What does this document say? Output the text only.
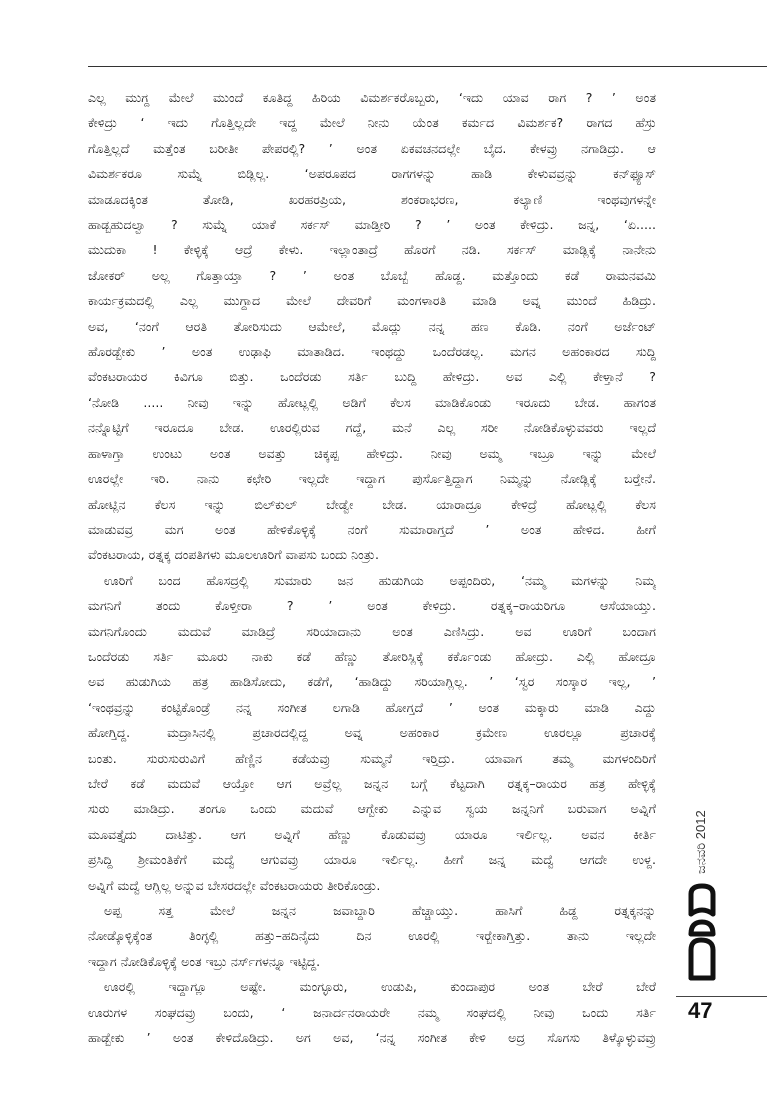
ಎಲ್ಲ ಮುಗ್ದ ಮೇಲೆ ಮುಂದೆ ಕೂತಿದ್ದ ಹಿರಿಯ ವಿಮರ್ಶಕರೊಬ್ಬರು, ‘ಇದು ಯಾವ ರಾಗ ? ’ ಅಂತ
ಕೇಳಿದ್ರು ‘ ಇದು ಗೊತ್ತಿಲ್ಲದೇ ಇದ್ದ ಮೇಲೆ ನೀನು ಯೆಂತ ಕರ್ಮದ ವಿಮರ್ಶಕ? ರಾಗದ ಹೆಸ್ರು
ಗೊತ್ತಿಲ್ಲದೆ ಮತ್ತೆಂತ ಬರೀತೀ ಪೇಪರಲ್ಲಿ? ’ ಅಂತ ಏಕವಚನದಲ್ಲೇ ಬೈದ. ಕೇಳವ್ರು ನಗಾಡಿದ್ರು. ಆ
ವಿಮರ್ಶಕರೂ ಸುಮ್ನೆ ಬಿಡ್ಲಿಲ್ಲ. ‘ಅಪರೂಪದ ರಾಗಗಳನ್ನು ಹಾಡಿ ಕೇಳುವವ್ರನ್ನು ಕನ್‌ಫ್ಯೂಸ್
ಮಾಡೂದಕ್ಕಿಂತ ತೋಡಿ, ಖರಹರಪ್ರಿಯ, ಶಂಕರಾಭರಣ, ಕಲ್ಯಾಣಿ ಇಂಥವುಗಳನ್ನೇ
ಹಾಡ್ಬಹುದಲ್ವಾ ? ಸುಮ್ನೆ ಯಾಕೆ ಸರ್ಕಸ್ ಮಾಡ್ತೀರಿ ? ’ ಅಂತ ಕೇಳಿದ್ರು. ಜನ್ನ, ‘ಏ.....
ಮುದುಕಾ ! ಕೇಳ್ಳಿಕ್ಕೆ ಆದ್ರೆ ಕೇಳು. ಇಲ್ಲಾಂತಾದ್ರೆ ಹೊರಗೆ ನಡಿ. ಸರ್ಕಸ್ ಮಾಡ್ಲಿಕ್ಕೆ ನಾನೇನು
ಜೋಕರ್ ಅಲ್ಲ ಗೊತ್ತಾಯ್ತಾ ? ’ ಅಂತ ಬೊಬ್ಬೆ ಹೊಡ್ದ. ಮತ್ತೊಂದು ಕಡೆ ರಾಮನವಮಿ
ಕಾರ್ಯಕ್ರಮದಲ್ಲಿ ಎಲ್ಲ ಮುಗ್ದಾದ ಮೇಲೆ ದೇವರಿಗೆ ಮಂಗಳಾರತಿ ಮಾಡಿ ಅವ್ನ ಮುಂದೆ ಹಿಡಿದ್ರು.
ಅವ, ‘ನಂಗೆ ಆರತಿ ತೋರಿಸುದು ಆಮೇಲೆ, ಮೊದ್ಲು ನನ್ನ ಹಣ ಕೊಡಿ. ನಂಗೆ ಅರ್ಜೆಂಟ್
ಹೊರಡ್ಬೇಕು ’ ಅಂತ ಉಢಾಫಿ ಮಾತಾಡಿದ. ಇಂಥದ್ದು ಒಂದೆರಡಲ್ಲ. ಮಗನ ಅಹಂಕಾರದ ಸುದ್ದಿ
ವೆಂಕಟರಾಯರ ಕಿವಿಗೂ ಬಿತ್ತು. ಒಂದೆರಡು ಸರ್ತಿ ಬುದ್ದಿ ಹೇಳಿದ್ರು. ಅವ ಎಲ್ಲಿ ಕೇಳ್ತಾನೆ ?
‘ನೋಡಿ ..... ನೀವು ಇನ್ನು ಹೋಟ್ಲಲ್ಲಿ ಅಡಿಗೆ ಕೆಲಸ ಮಾಡಿಕೊಂಡು ಇರೂದು ಬೇಡ. ಹಾಗಂತ
ನನ್ನೊಟ್ಟಿಗೆ ಇರೂದೂ ಬೇಡ. ಊರಲ್ಲಿರುವ ಗದ್ದೆ, ಮನೆ ಎಲ್ಲ ಸರೀ ನೋಡಿಕೊಳ್ಳುವವರು ಇಲ್ಲದೆ
ಹಾಳಾಗ್ತಾ ಉಂಟು ಅಂತ ಅವತ್ತು ಚಿಕ್ಕಪ್ಪ ಹೇಳಿದ್ರು. ನೀವು ಅಮ್ಮ ಇಬ್ರೂ ಇನ್ನು ಮೇಲೆ
ಊರಲ್ಲೇ ಇರಿ. ನಾನು ಕಛೇರಿ ಇಲ್ಲದೇ ಇದ್ದಾಗ ಪುರ್ಸೊತ್ತಿದ್ದಾಗ ನಿಮ್ಮನ್ನು ನೋಡ್ಲಿಕ್ಕೆ ಬರ್‍ತೇನೆ.
ಹೋಟ್ಲಿನ ಕೆಲಸ ಇನ್ನು ಬಿಲ್‌ಕುಲ್ ಬೇಡ್ವೇ ಬೇಡ. ಯಾರಾದ್ರೂ ಕೇಳಿದ್ರೆ ಹೋಟ್ಲಲ್ಲಿ ಕೆಲಸ
ಮಾಡುವವ್ರ ಮಗ ಅಂತ ಹೇಳಿಕೊಳ್ಳಿಕ್ಕೆ ನಂಗೆ ಸುಮಾರಾಗ್ತದೆ ’ ಅಂತ ಹೇಳಿದ. ಹೀಗೆ
ವೆಂಕಟರಾಯ, ರತ್ನಕ್ಕ ದಂಪತಿಗಳು ಮೂಲಊರಿಗೆ ವಾಪಸು ಬಂದು ನಿಂತ್ರು.
ಊರಿಗೆ ಬಂದ ಹೊಸದ್ರಲ್ಲಿ ಸುಮಾರು ಜನ ಹುಡುಗಿಯ ಅಪ್ಪಂದಿರು, ‘ನಮ್ಮ ಮಗಳನ್ನು ನಿಮ್ಮ
ಮಗನಿಗೆ ತಂದು ಕೊಳ್ತೀರಾ ? ’ ಅಂತ ಕೇಳಿದ್ರು. ರತ್ನಕ್ಕ–ರಾಯರಿಗೂ ಆಸೆಯಾಯ್ತು.
ಮಗನಿಗೊಂದು ಮದುವೆ ಮಾಡಿದ್ರೆ ಸರಿಯಾದಾನು ಅಂತ ಎಣಿಸಿದ್ರು. ಅವ ಊರಿಗೆ ಬಂದಾಗ
ಒಂದೆರಡು ಸರ್ತಿ ಮೂರು ನಾಕು ಕಡೆ ಹೆಣ್ಣು ತೋರಿಸ್ಲಿಕ್ಕೆ ಕರ್ಕೊಂಡು ಹೋದ್ರು. ಎಲ್ಲಿ ಹೋದ್ರೂ
ಅವ ಹುಡುಗಿಯ ಹತ್ರ ಹಾಡಿಸೋದು, ಕಡೆಗೆ, ‘ಹಾಡಿದ್ದು ಸರಿಯಾಗ್ಲಿಲ್ಲ. ’ ‘ಸ್ವರ ಸಂಸ್ಕಾರ ಇಲ್ಲ, ’
‘ಇಂಥವ್ರನ್ನು ಕಂಟ್ಟಿಕೊಂಡ್ರೆ ನನ್ನ ಸಂಗೀತ ಲಗಾಡಿ ಹೋಗ್ತದೆ ’ ಅಂತ ಮಕ್ಕಾರು ಮಾಡಿ ಎದ್ದು
ಹೋಗ್ತಿದ್ದ. ಮದ್ರಾಸಿನಲ್ಲಿ ಪ್ರಚಾರದಲ್ಲಿದ್ದ ಅವ್ನ ಅಹಂಕಾರ ಕ್ರಮೇಣ ಊರಲ್ಲೂ ಪ್ರಚಾರಕ್ಕೆ
ಬಂತು. ಸುರುಸುರುವಿಗೆ ಹೆಣ್ಣಿನ ಕಡೆಯವ್ರು ಸುಮ್ಮನೆ ಇರ್‍ತಿದ್ರು. ಯಾವಾಗ ತಮ್ಮ ಮಗಳಂದಿರಿಗೆ
ಬೇರೆ ಕಡೆ ಮದುವೆ ಆಯ್ತೋ ಆಗ ಅವ್ರೆಲ್ಲ ಜನ್ನನ ಬಗ್ಗೆ ಕೆಟ್ಟದಾಗಿ ರತ್ನಕ್ಕ–ರಾಯರ ಹತ್ರ ಹೇಳ್ಳಿಕ್ಕೆ
ಸುರು ಮಾಡಿದ್ರು. ತಂಗೂ ಒಂದು ಮದುವೆ ಆಗ್ಬೇಕು ಎನ್ನುವ ಸ್ವಯ ಜನ್ನನಿಗೆ ಬರುವಾಗ ಅವ್ನಿಗೆ
ಮೂವತ್ತೈದು ದಾಟಿತ್ತು. ಆಗ ಅವ್ನಿಗೆ ಹೆಣ್ಣು ಕೊಡುವವ್ರು ಯಾರೂ ಇರ್ಲಿಲ್ಲ. ಅವನ ಕೀರ್ತಿ
ಪ್ರಸಿದ್ದಿ ಶ್ರೀಮಂತಿಕೆಗೆ ಮದ್ವೆ ಆಗುವವ್ರು ಯಾರೂ ಇರ್ಲಿಲ್ಲ. ಹೀಗೆ ಜನ್ನ ಮದ್ವೆ ಆಗದೇ ಉಳ್ದ.
ಅವ್ನಿಗೆ ಮದ್ವೆ ಆಗ್ಲಿಲ್ಲ ಅನ್ನುವ ಬೇಸರದಲ್ಲೇ ವೆಂಕಟರಾಯರು ತೀರಿಕೊಂಡ್ರು.
ಅಪ್ಪ ಸತ್ತ ಮೇಲೆ ಜನ್ನನ ಜವಾಬ್ದಾರಿ ಹೆಚ್ಚಾಯ್ತು. ಹಾಸಿಗೆ ಹಿಡ್ದ ರತ್ನಕ್ಕನನ್ನು
ನೋಡ್ಕೊಳ್ಳಿಕ್ಕೆಂತ ತಿಂಗ್ಳಲ್ಲಿ ಹತ್ತು–ಹದಿನೈದು ದಿನ ಊರಲ್ಲಿ ಇರ್‍ಬೇಕಾಗ್ತಿತ್ತು. ತಾನು ಇಲ್ಲದೇ
ಇದ್ದಾಗ ನೋಡಿಕೊಳ್ಳಿಕ್ಕೆ ಅಂತ ಇಬ್ರು ನರ್ಸ್‌ಗಳನ್ನೂ ಇಟ್ಟಿದ್ದ.
ಊರಲ್ಲಿ ಇದ್ದಾಗ್ಲೂ ಅಷ್ಟೇ. ಮಂಗ್ಳೂರು, ಉಡುಪಿ, ಕುಂದಾಪುರ ಅಂತ ಬೇರೆ ಬೇರೆ
ಊರುಗಳ ಸಂಘದವ್ರು ಬಂದು, ‘ ಜನಾರ್ದನರಾಯರೇ ನಮ್ಮ ಸಂಘದಲ್ಲಿ ನೀವು ಒಂದು ಸರ್ತಿ
ಹಾಡ್ಬೇಕು ’ ಅಂತ ಕೇಳಿದೊಡಿದ್ರು. ಅಗ ಅವ, ‘ನನ್ನ ಸಂಗೀತ ಕೇಳಿ ಅದ್ರ ಸೊಗಸು ತಿಳ್ಕೊಳ್ಳುವವ್ರು
ಜನವರಿ 2012
47
